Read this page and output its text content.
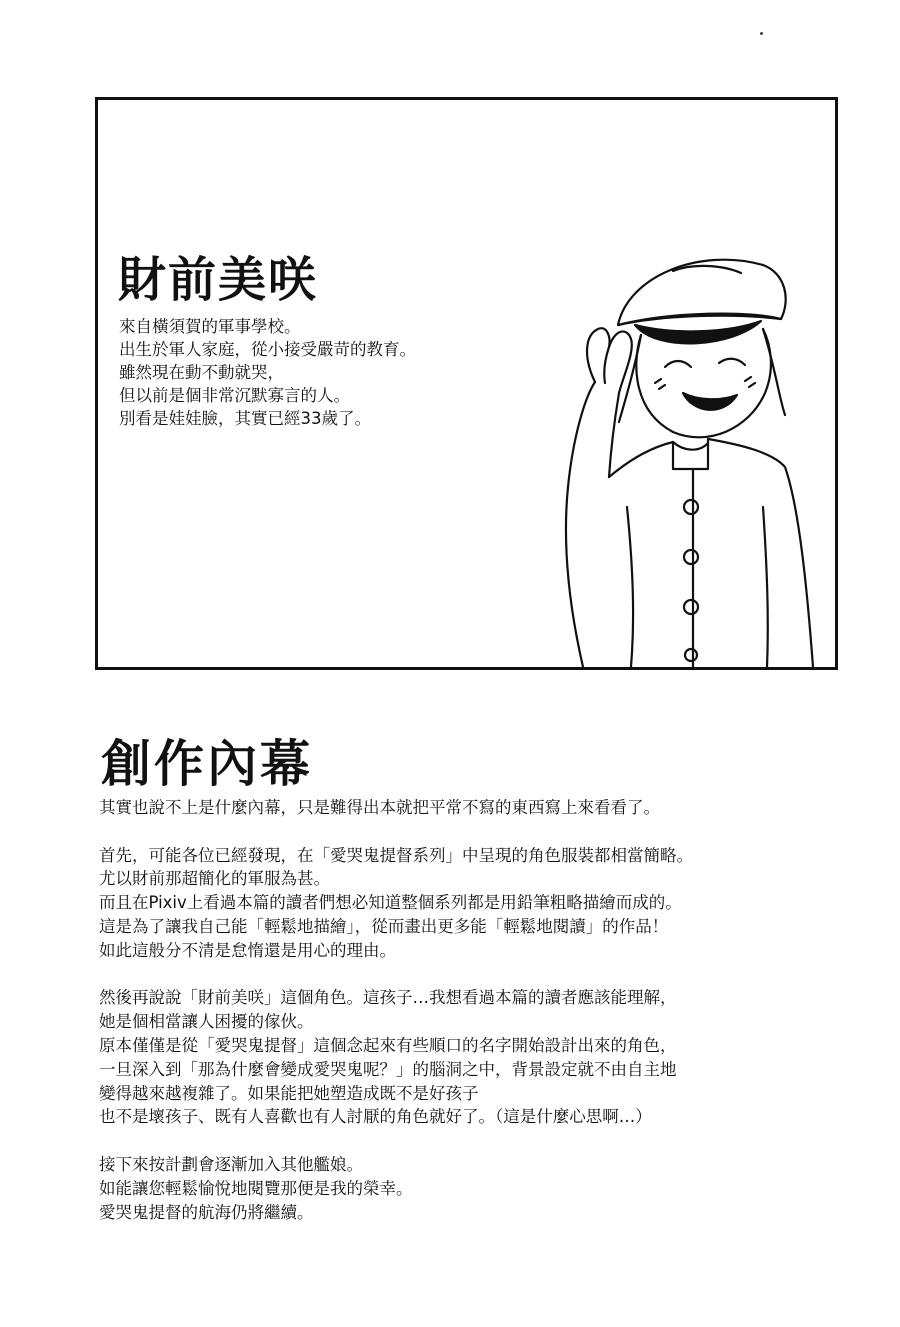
財前美咲
來自橫須賀的軍事學校。
出生於軍人家庭，從小接受嚴苛的教育。
雖然現在動不動就哭，
但以前是個非常沉默寡言的人。
別看是娃娃臉，其實已經33歲了。
創作內幕

其實也說不上是什麼內幕，只是難得出本就把平常不寫的東西寫上來看看了。

首先，可能各位已經發現，在「愛哭鬼提督系列」中呈現的角色服裝都相當簡略。
尤以財前那超簡化的軍服為甚。
而且在Pixiv上看過本篇的讀者們想必知道整個系列都是用鉛筆粗略描繪而成的。
這是為了讓我自己能「輕鬆地描繪」，從而畫出更多能「輕鬆地閱讀」的作品！
如此這般分不清是怠惰還是用心的理由。

然後再說說「財前美咲」這個角色。這孩子…我想看過本篇的讀者應該能理解，
她是個相當讓人困擾的傢伙。
原本僅僅是從「愛哭鬼提督」這個念起來有些順口的名字開始設計出來的角色，
一旦深入到「那為什麼會變成愛哭鬼呢？」的腦洞之中，背景設定就不由自主地
變得越來越複雜了。如果能把她塑造成既不是好孩子
也不是壞孩子、既有人喜歡也有人討厭的角色就好了。（這是什麼心思啊…）

接下來按計劃會逐漸加入其他艦娘。
如能讓您輕鬆愉悅地閱覽那便是我的榮幸。
愛哭鬼提督的航海仍將繼續。
